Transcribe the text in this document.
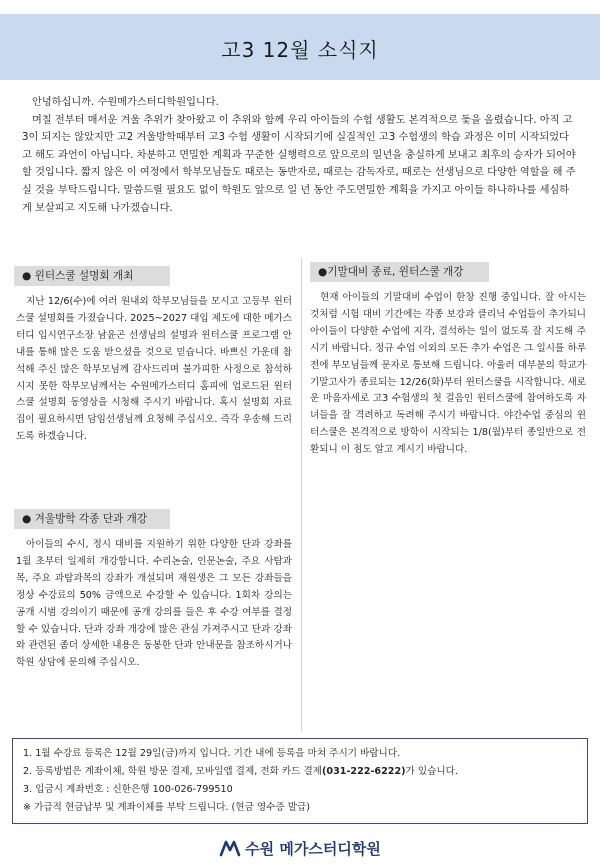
고3 12월 소식지

안녕하십니까. 수원메가스터디학원입니다.

며칠 전부터 매서운 겨울 추위가 찾아왔고 이 추위와 함께 우리 아이들의 수험 생활도 본격적으로 돛을 올렸습니다. 아직 고3이 되지는 않았지만 고2 겨울방학때부터 고3 수험 생활이 시작되기에 실질적인 고3 수험생의 학습 과정은 이미 시작되었다고 해도 과언이 아닙니다. 차분하고 면밀한 계획과 꾸준한 실행력으로 앞으로의 일년을 충실하게 보내고 최후의 승자가 되어야 할 것입니다. 짧지 않은 이 여정에서 학부모님들도 때로는 동반자로, 때로는 감독자로, 때로는 선생님으로 다양한 역할을 해 주실 것을 부탁드립니다. 말씀드릴 필요도 없이 학원도 앞으로 일 년 동안 주도면밀한 계획을 가지고 아이들 하나하나를 세심하게 보살피고 지도해 나가겠습니다.

● 윈터스쿨 설명회 개최

지난 12/6(수)에 여러 원내외 학부모님들을 모시고 고등부 윈터스쿨 설명회를 가졌습니다. 2025~2027 대입 제도에 대한 메가스터디 입시연구소장 남윤곤 선생님의 설명과 윈터스쿨 프로그램 안내를 통해 많은 도움 받으셨을 것으로 믿습니다. 바쁘신 가운데 참석해 주신 많은 학부모님께 감사드리며 불가피한 사정으로 참석하시지 못한 학부모님께서는 수원메가스터디 홈피에 업로드된 윈터스쿨 설명회 동영상을 시청해 주시기 바랍니다. 혹시 설명회 자료집이 필요하시면 담임선생님께 요청해 주십시오. 즉각 우송해 드리도록 하겠습니다.

● 겨울방학 각종 단과 개강

아이들의 수시, 정시 대비를 지원하기 위한 다양한 단과 강좌를 1월 초부터 일제히 개강합니다. 수리논술, 인문논술, 주요 사탐과목, 주요 과탐과목의 강좌가 개설되며 재원생은 그 모든 강좌들을 정상 수강료의 50% 금액으로 수강할 수 있습니다. 1회차 강의는 공개 시범 강의이기 때문에 공개 강의를 들은 후 수강 여부를 결정할 수 있습니다. 단과 강좌 개강에 많은 관심 가져주시고 단과 강좌와 관련된 좀더 상세한 내용은 동봉한 단과 안내문을 참조하시거나 학원 상담에 문의해 주십시오.

●기말대비 종료, 윈터스쿨 개강

현재 아이들의 기말대비 수업이 한창 진행 중입니다. 잘 아시는 것처럼 시험 대비 기간에는 각종 보강과 클리닉 수업들이 추가되니 아이들이 다양한 수업에 지각, 결석하는 일이 없도록 잘 지도해 주시기 바랍니다. 정규 수업 이외의 모든 추가 수업은 그 일시를 하루 전에 부모님들께 문자로 통보해 드립니다. 아울러 대부분의 학교가 기말고사가 종료되는 12/26(화)부터 윈터스쿨을 시작합니다. 새로운 마음자세로 고3 수험생의 첫 걸음인 윈터스쿨에 참여하도록 자녀들을 잘 격려하고 독려해 주시기 바랍니다. 야간수업 중심의 윈터스쿨은 본격적으로 방학이 시작되는 1/8(월)부터 종일반으로 전환되니 이 점도 알고 계시기 바랍니다.

1. 1월 수강료 등록은 12월 29일(금)까지 입니다. 기간 내에 등록을 마쳐 주시기 바랍니다.
2. 등록방법은 계좌이체, 학원 방문 결제, 모바일앱 결제, 전화 카드 결제(031-222-6222)가 있습니다.
3. 입금시 계좌번호 : 신한은행 100-026-799510
※ 가급적 현금납부 및 계좌이체를 부탁 드립니다. (현금 영수증 발급)
수원 메가스터디학원
